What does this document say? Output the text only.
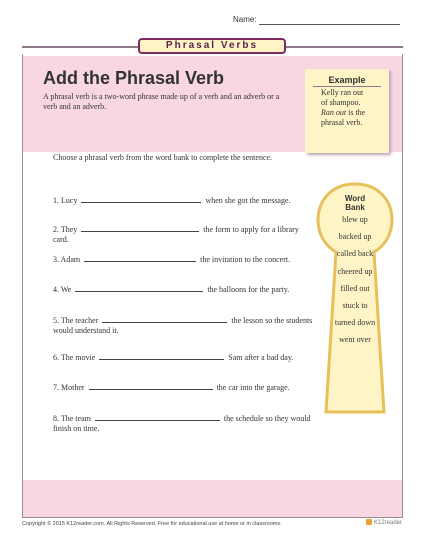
Name:
Phrasal Verbs
Add the Phrasal Verb
A phrasal verb is a two-word phrase made up of a verb and an adverb or a verb and an adverb.
Example
Kelly ran out
of shampoo.
Ran out is the
phrasal verb.
Choose a phrasal verb from the word bank to complete the sentence.
1. Lucy	when she got the message.
2. They	the form to apply for a library card.
3. Adam	the invitation to the concert.
4. We	the balloons for the party.
5. The teacher	the lesson so the students
would understand it.
6. The movie	Sam after a bad day.
7. Mother	the car into the garage.
8. The team	the schedule so they would
finish on time.
Word
Bank
blew up
backed up
called back
cheered up
filled out
stuck to
turned down
went over
Copyright © 2015 K12reader.com. All Rights Reserved. Free for educational use at home or in classrooms.	K12reader
